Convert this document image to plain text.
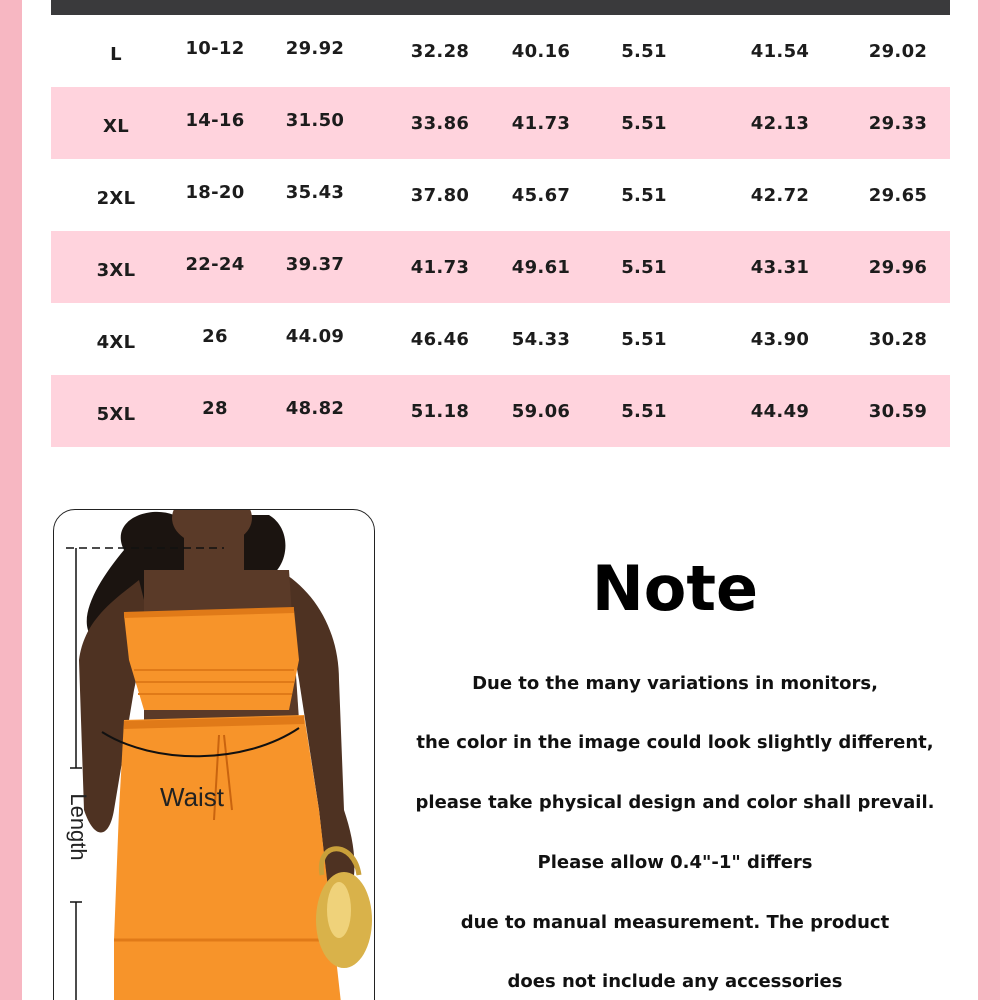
L	10-12	29.92	32.28	40.16	5.51	41.54	29.02
XL	14-16	31.50	33.86	41.73	5.51	42.13	29.33
2XL	18-20	35.43	37.80	45.67	5.51	42.72	29.65
3XL	22-24	39.37	41.73	49.61	5.51	43.31	29.96
4XL	26	44.09	46.46	54.33	5.51	43.90	30.28
5XL	28	48.82	51.18	59.06	5.51	44.49	30.59
Waist
Length
Note
Due to the many variations in monitors,
the color in the image could look slightly different,
please take physical design and color shall prevail.
Please allow 0.4"-1" differs
due to manual measurement. The product
does not include any accessories
